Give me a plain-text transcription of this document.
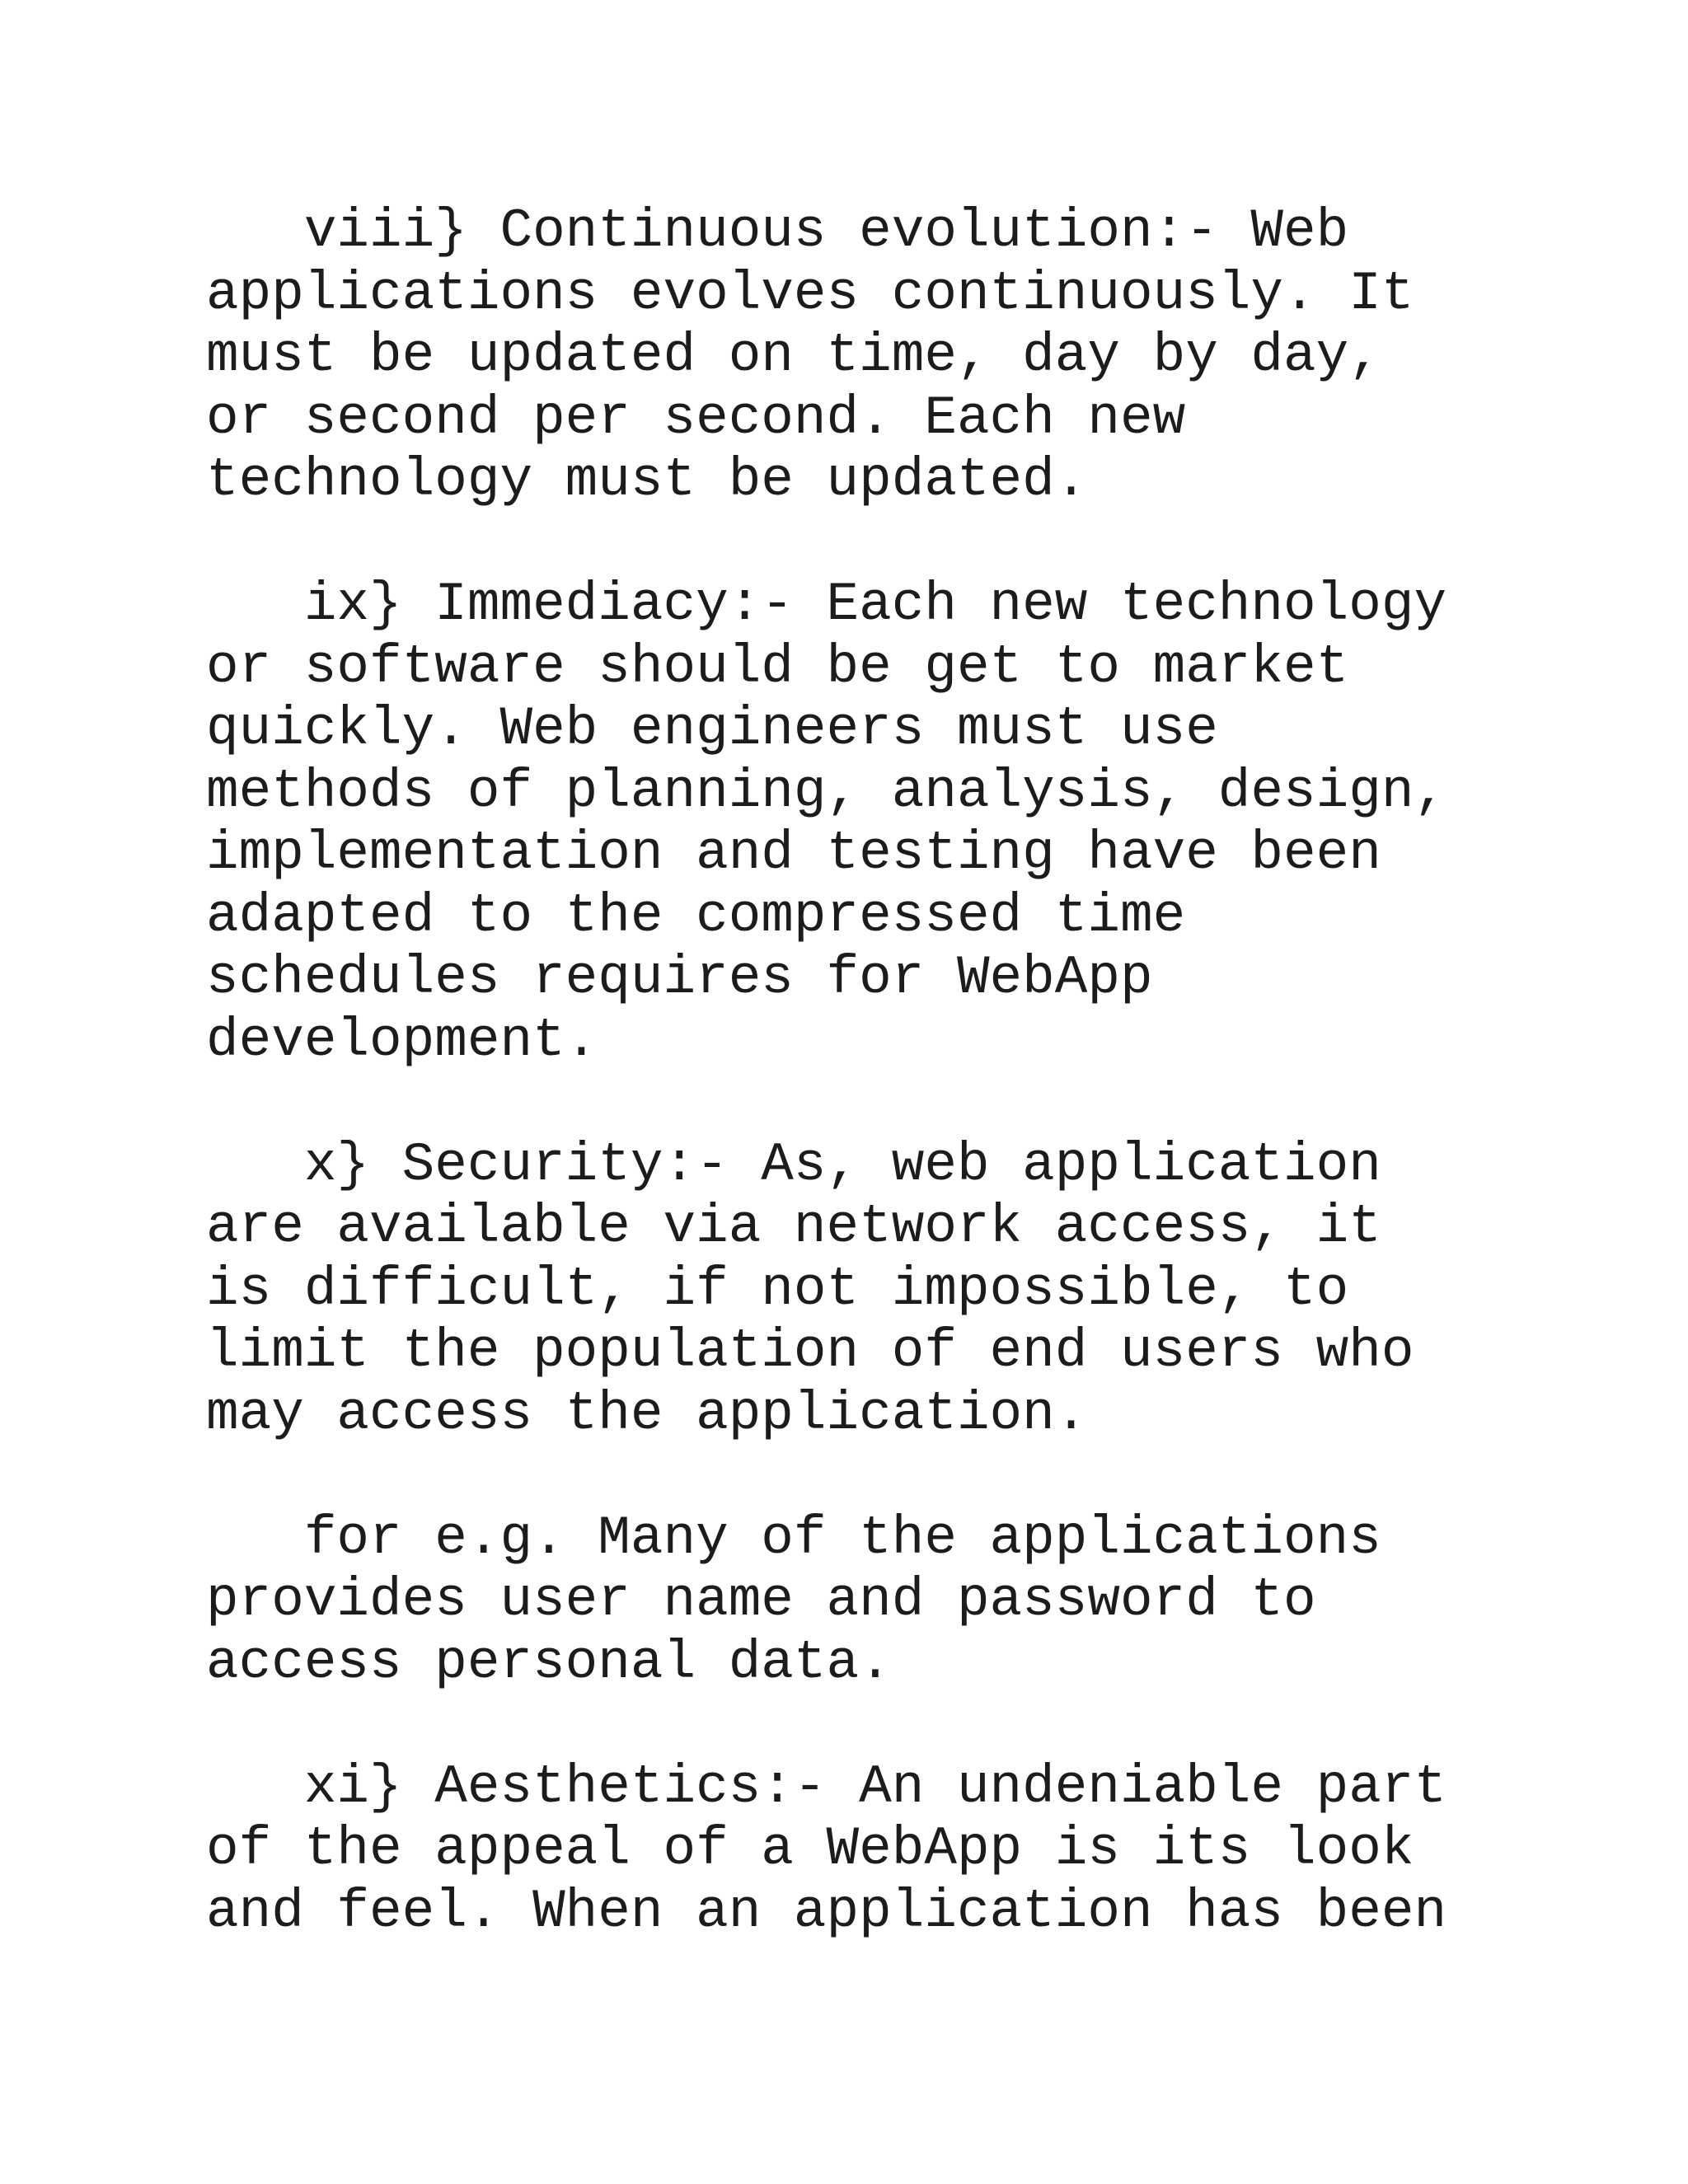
viii} Continuous evolution:- Web
applications evolves continuously. It
must be updated on time, day by day,
or second per second. Each new
technology must be updated.
ix} Immediacy:- Each new technology
or software should be get to market
quickly. Web engineers must use
methods of planning, analysis, design,
implementation and testing have been
adapted to the compressed time
schedules requires for WebApp
development.
x} Security:- As, web application
are available via network access, it
is difficult, if not impossible, to
limit the population of end users who
may access the application.
for e.g. Many of the applications
provides user name and password to
access personal data.
xi} Aesthetics:- An undeniable part
of the appeal of a WebApp is its look
and feel. When an application has been
